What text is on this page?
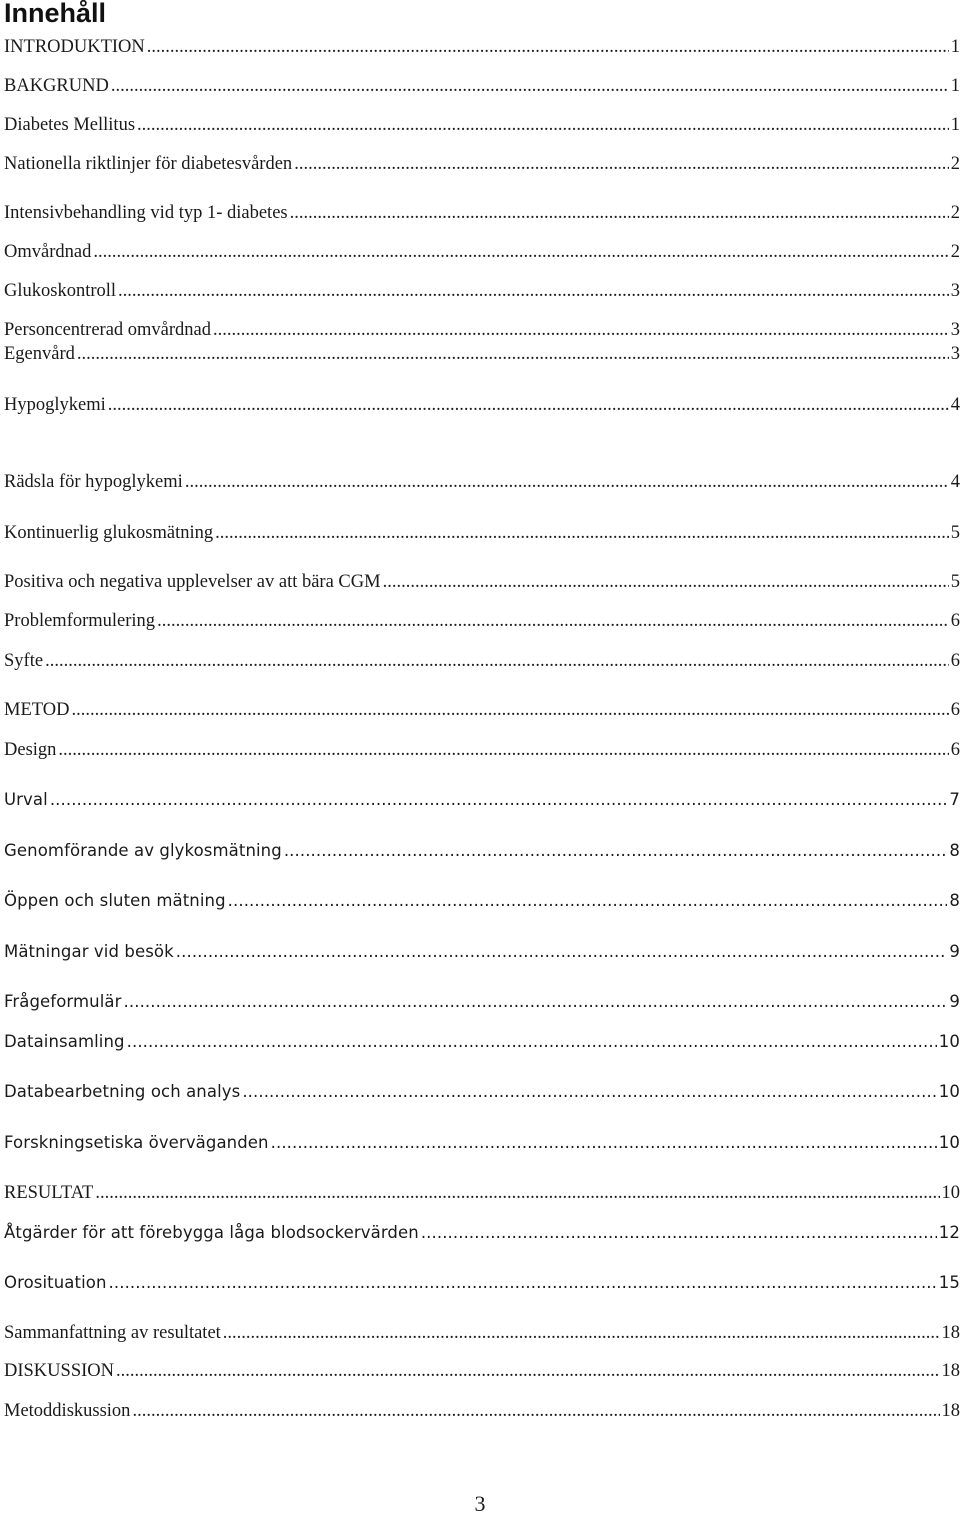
Innehåll
INTRODUKTION .....	1
BAKGRUND .....	1
Diabetes Mellitus .....	1
Nationella riktlinjer för diabetesvården .....	2
Intensivbehandling vid typ 1- diabetes .....	2
Omvårdnad .....	2
Glukoskontroll .....	3
Personcentrerad omvårdnad .....	3
Egenvård .....	3
Hypoglykemi .....	4
Rädsla för hypoglykemi .....	4
Kontinuerlig glukosmätning .....	5
Positiva och negativa upplevelser av att bära CGM .....	5
Problemformulering .....	6
Syfte .....	6
METOD .....	6
Design .....	6
Urval .....	7
Genomförande av glykosmätning .....	8
Öppen och sluten mätning .....	8
Mätningar vid besök .....	9
Frågeformulär .....	9
Datainsamling .....	10
Databearbetning och analys .....	10
Forskningsetiska överväganden .....	10
RESULTAT .....	10
Åtgärder för att förebygga låga blodsockervärden .....	12
Orosituation .....	15
Sammanfattning av resultatet .....	18
DISKUSSION .....	18
Metoddiskussion .....	18
3
